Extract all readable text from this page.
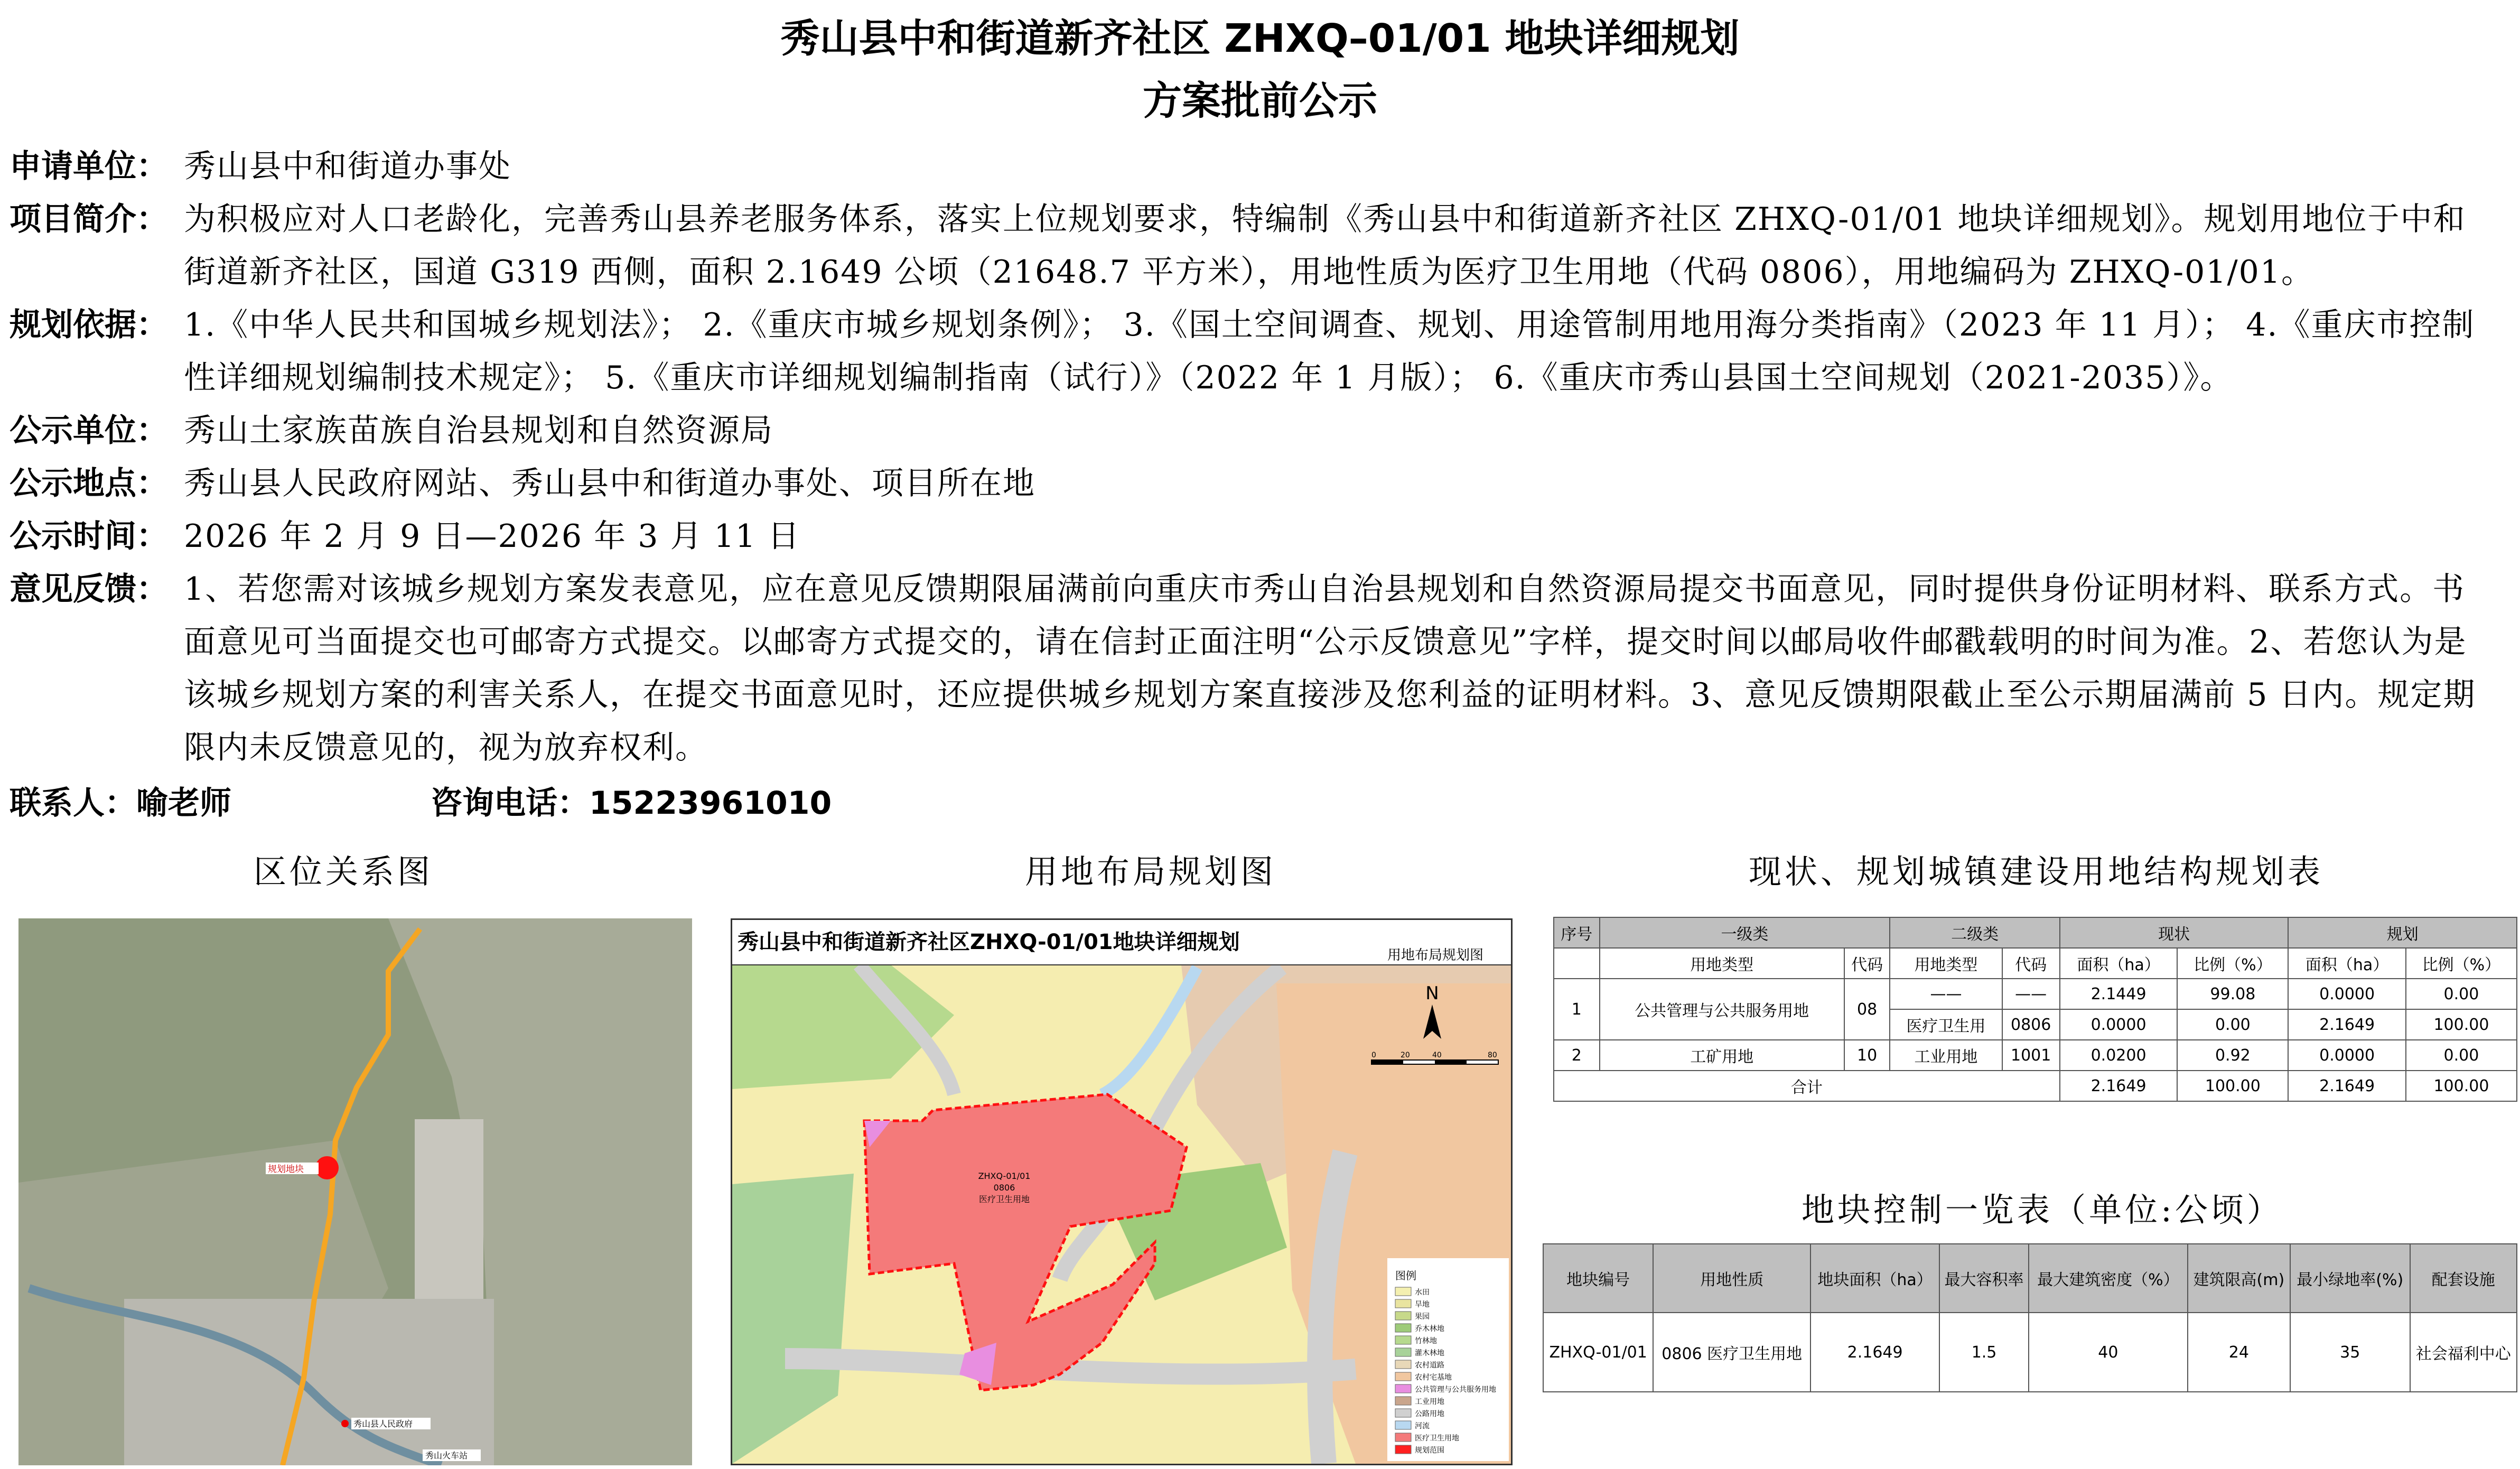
秀山县中和街道新齐社区 ZHXQ–01/01 地块详细规划
方案批前公示
申请单位： 秀山县中和街道办事处
项目简介： 为积极应对人口老龄化，完善秀山县养老服务体系，落实上位规划要求，特编制《秀山县中和街道新齐社区 ZHXQ-01/01 地块详细规划》。规划用地位于中和街道新齐社区，国道 G319 西侧，面积 2.1649 公顷（21648.7 平方米），用地性质为医疗卫生用地（代码 0806），用地编码为 ZHXQ-01/01。
规划依据： 1.《中华人民共和国城乡规划法》； 2.《重庆市城乡规划条例》； 3.《国土空间调查、规划、用途管制用地用海分类指南》（2023 年 11 月）； 4.《重庆市控制性详细规划编制技术规定》； 5.《重庆市详细规划编制指南（试行）》（2022 年 1 月版）； 6.《重庆市秀山县国土空间规划（2021-2035）》。
公示单位： 秀山土家族苗族自治县规划和自然资源局
公示地点： 秀山县人民政府网站、秀山县中和街道办事处、项目所在地
公示时间： 2026 年 2 月 9 日—2026 年 3 月 11 日
意见反馈： 1、若您需对该城乡规划方案发表意见，应在意见反馈期限届满前向重庆市秀山自治县规划和自然资源局提交书面意见，同时提供身份证明材料、联系方式。书面意见可当面提交也可邮寄方式提交。以邮寄方式提交的，请在信封正面注明“公示反馈意见”字样，提交时间以邮局收件邮戳载明的时间为准。2、若您认为是该城乡规划方案的利害关系人，在提交书面意见时，还应提供城乡规划方案直接涉及您利益的证明材料。3、意见反馈期限截止至公示期届满前 5 日内。规定期限内未反馈意见的，视为放弃权利。
联系人：喻老师	咨询电话：15223961010
区位关系图	用地布局规划图	现状、规划城镇建设用地结构规划表
地块控制一览表（单位:公顷）
规划地块
秀山县人民政府
秀山火车站
ZHXQ-01/01
0806
医疗卫生用地
秀山县中和街道新齐社区ZHXQ-01/01地块详细规划
用地布局规划图
N
0	20	40	80
图例
水田
旱地
果园
乔木林地
竹林地
灌木林地
农村道路
农村宅基地
公共管理与公共服务用地
工业用地
公路用地
河流
医疗卫生用地
规划范围
序号	一级类		二级类		现状		规划	
	用地类型	代码	用地类型	代码	面积（ha）	比例（%）	面积（ha）	比例（%）
1	公共管理与公共服务用地	08	——	——	2.1449	99.08	0.0000	0.00
			医疗卫生用	0806	0.0000	0.00	2.1649	100.00
2	工矿用地	10	工业用地	1001	0.0200	0.92	0.0000	0.00
合计					2.1649	100.00	2.1649	100.00
地块编号	用地性质	地块面积（ha）	最大容积率	最大建筑密度（%）	建筑限高(m)	最小绿地率(%)	配套设施
ZHXQ-01/01	0806 医疗卫生用地	2.1649	1.5	40	24	35	社会福利中心
